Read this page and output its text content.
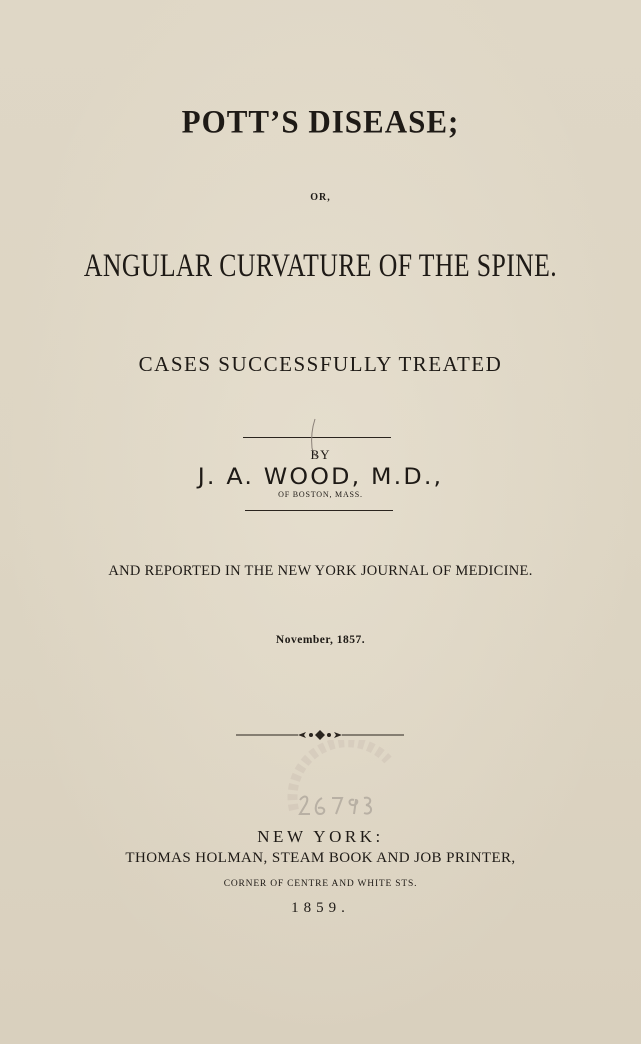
POTT’S DISEASE;
OR,
ANGULAR CURVATURE OF THE SPINE.
CASES SUCCESSFULLY TREATED
BY
J. A. WOOD, M.D.,
OF BOSTON, MASS.
AND REPORTED IN THE NEW YORK JOURNAL OF MEDICINE.
November, 1857.
NEW YORK:
THOMAS HOLMAN, STEAM BOOK AND JOB PRINTER,
CORNER OF CENTRE AND WHITE STS.
1859.
